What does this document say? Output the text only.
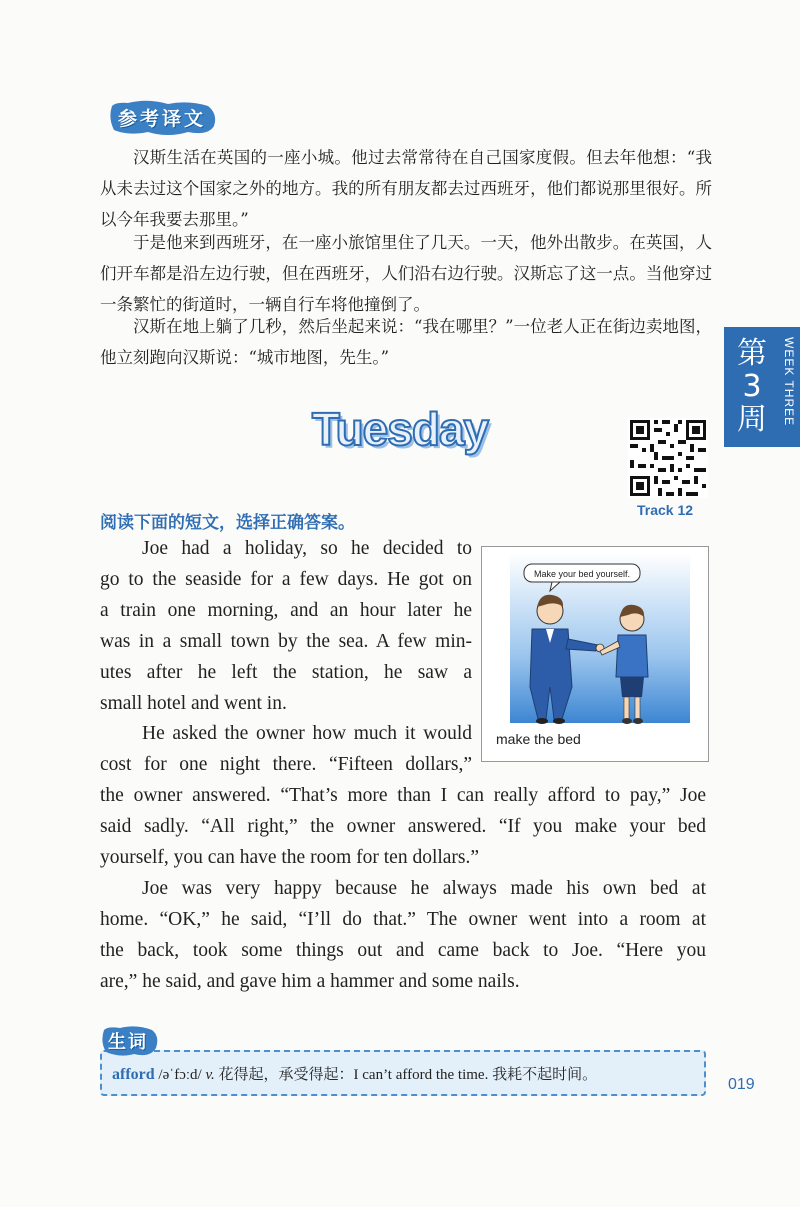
参考译文

汉斯生活在英国的一座小城。他过去常常待在自己国家度假。但去年他想：“我从未去过这个国家之外的地方。我的所有朋友都去过西班牙，他们都说那里很好。所以今年我要去那里。”

于是他来到西班牙，在一座小旅馆里住了几天。一天，他外出散步。在英国，人们开车都是沿左边行驶，但在西班牙，人们沿右边行驶。汉斯忘了这一点。当他穿过一条繁忙的街道时，一辆自行车将他撞倒了。

汉斯在地上躺了几秒，然后坐起来说：“我在哪里？”一位老人正在街边卖地图，他立刻跑向汉斯说：“城市地图，先生。”	第3周	WEEK THREE
Tuesday
Track 12
阅读下面的短文，选择正确答案。
Joe had a holiday, so he decided to
go to the seaside for a few days. He got on
a train one morning, and an hour later he
was in a small town by the sea. A few min-
utes after he left the station, he saw a
small hotel and went in.
He asked the owner how much it would
cost for one night there. “Fifteen dollars,”
the owner answered. “That’s more than I can really afford to pay,” Joe
said sadly. “All right,” the owner answered. “If you make your bed
yourself, you can have the room for ten dollars.”
Joe was very happy because he always made his own bed at
home. “OK,” he said, “I’ll do that.” The owner went into a room at
the back, took some things out and came back to Joe. “Here you
are,” he said, and gave him a hammer and some nails.
Make your bed yourself.
make the bed
afford /əˈfɔːd/ v. 花得起，承受得起：I can’t afford the time. 我耗不起时间。
生词
019
